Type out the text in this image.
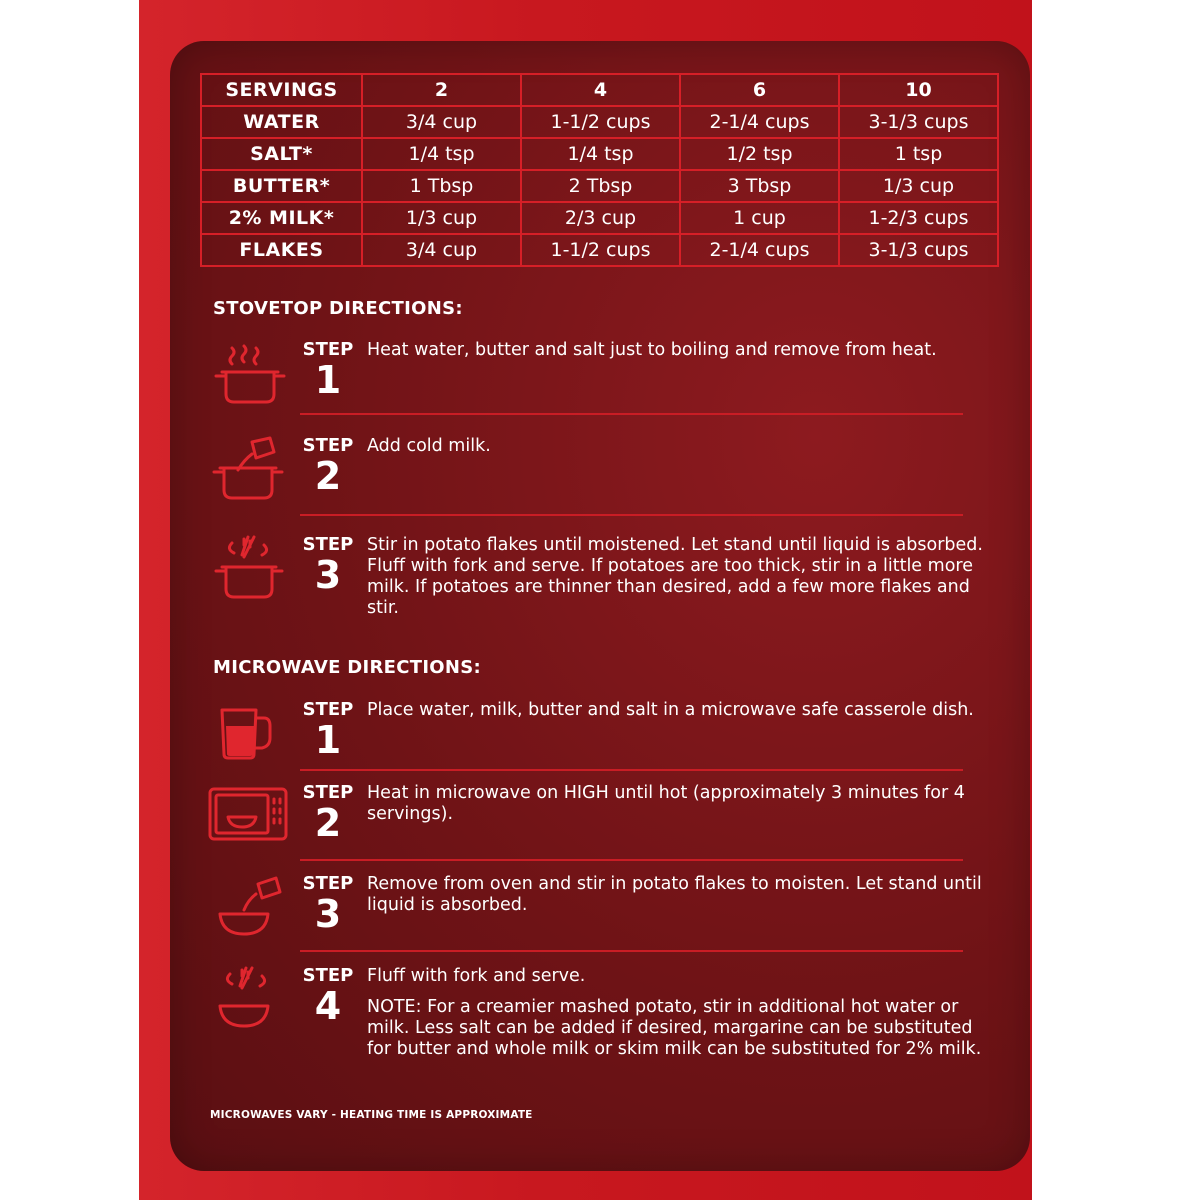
SERVINGS	2	4	6	10
WATER	3/4 cup	1-1/2 cups	2-1/4 cups	3-1/3 cups
SALT*	1/4 tsp	1/4 tsp	1/2 tsp	1 tsp
BUTTER*	1 Tbsp	2 Tbsp	3 Tbsp	1/3 cup
2% MILK*	1/3 cup	2/3 cup	1 cup	1-2/3 cups
FLAKES	3/4 cup	1-1/2 cups	2-1/4 cups	3-1/3 cups
STOVETOP DIRECTIONS:
STEP
1
Heat water, butter and salt just to boiling and remove from heat.
STEP
2
Add cold milk.
STEP
3
Stir in potato flakes until moistened. Let stand until liquid is absorbed. Fluff with fork and serve. If potatoes are too thick, stir in a little more milk. If potatoes are thinner than desired, add a few more flakes and stir.
MICROWAVE DIRECTIONS:
STEP
1
Place water, milk, butter and salt in a microwave safe casserole dish.
STEP
2
Heat in microwave on HIGH until hot (approximately 3 minutes for 4 servings).
STEP
3
Remove from oven and stir in potato flakes to moisten. Let stand until liquid is absorbed.
STEP
4
Fluff with fork and serve.
NOTE: For a creamier mashed potato, stir in additional hot water or milk. Less salt can be added if desired, margarine can be substituted for butter and whole milk or skim milk can be substituted for 2% milk.
MICROWAVES VARY - HEATING TIME IS APPROXIMATE
